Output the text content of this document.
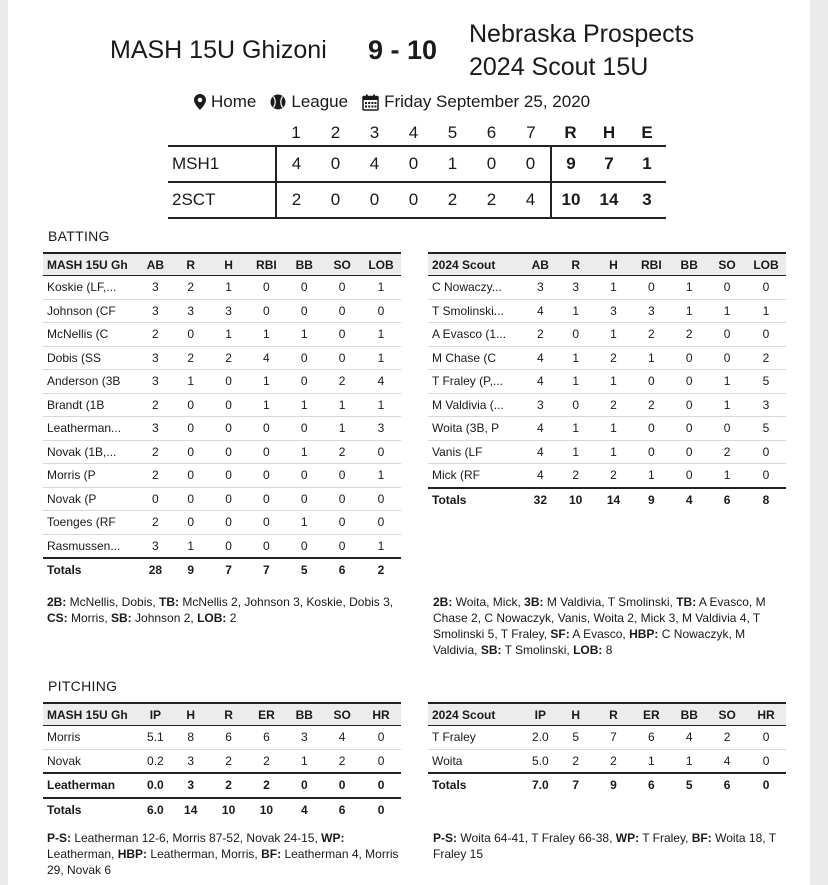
MASH 15U Ghizoni 9 - 10
Nebraska Prospects
2024 Scout 15U
Home League Friday September 25, 2020
	1	2	3	4	5	6	7	R	H	E
MSH1	4	0	4	0	1	0	0	9	7	1
2SCT	2	0	0	0	2	2	4	10	14	3
BATTING
MASH 15U Gh	AB	R	H	RBI	BB	SO	LOB
Koskie (LF,...	3	2	1	0	0	0	1
Johnson (CF	3	3	3	0	0	0	0
McNellis (C	2	0	1	1	1	0	1
Dobis (SS	3	2	2	4	0	0	1
Anderson (3B	3	1	0	1	0	2	4
Brandt (1B	2	0	0	1	1	1	1
Leatherman...	3	0	0	0	0	1	3
Novak (1B,...	2	0	0	0	1	2	0
Morris (P	2	0	0	0	0	0	1
Novak (P	0	0	0	0	0	0	0
Toenges (RF	2	0	0	0	1	0	0
Rasmussen...	3	1	0	0	0	0	1
Totals	28	9	7	7	5	6	2
2024 Scout	AB	R	H	RBI	BB	SO	LOB
C Nowaczy...	3	3	1	0	1	0	0
T Smolinski...	4	1	3	3	1	1	1
A Evasco (1...	2	0	1	2	2	0	0
M Chase (C	4	1	2	1	0	0	2
T Fraley (P,...	4	1	1	0	0	1	5
M Valdivia (...	3	0	2	2	0	1	3
Woita (3B, P	4	1	1	0	0	0	5
Vanis (LF	4	1	1	0	0	2	0
Mick (RF	4	2	2	1	0	1	0
Totals	32	10	14	9	4	6	8
2B: McNellis, Dobis, TB: McNellis 2, Johnson 3, Koskie, Dobis 3, CS: Morris, SB: Johnson 2, LOB: 2
2B: Woita, Mick, 3B: M Valdivia, T Smolinski, TB: A Evasco, M Chase 2, C Nowaczyk, Vanis, Woita 2, Mick 3, M Valdivia 4, T Smolinski 5, T Fraley, SF: A Evasco, HBP: C Nowaczyk, M Valdivia, SB: T Smolinski, LOB: 8
PITCHING
MASH 15U Gh	IP	H	R	ER	BB	SO	HR
Morris	5.1	8	6	6	3	4	0
Novak	0.2	3	2	2	1	2	0
Leatherman	0.0	3	2	2	0	0	0
Totals	6.0	14	10	10	4	6	0
2024 Scout	IP	H	R	ER	BB	SO	HR
T Fraley	2.0	5	7	6	4	2	0
Woita	5.0	2	2	1	1	4	0
Totals	7.0	7	9	6	5	6	0
P-S: Leatherman 12-6, Morris 87-52, Novak 24-15, WP: Leatherman, HBP: Leatherman, Morris, BF: Leatherman 4, Morris 29, Novak 6
P-S: Woita 64-41, T Fraley 66-38, WP: T Fraley, BF: Woita 18, T Fraley 15
